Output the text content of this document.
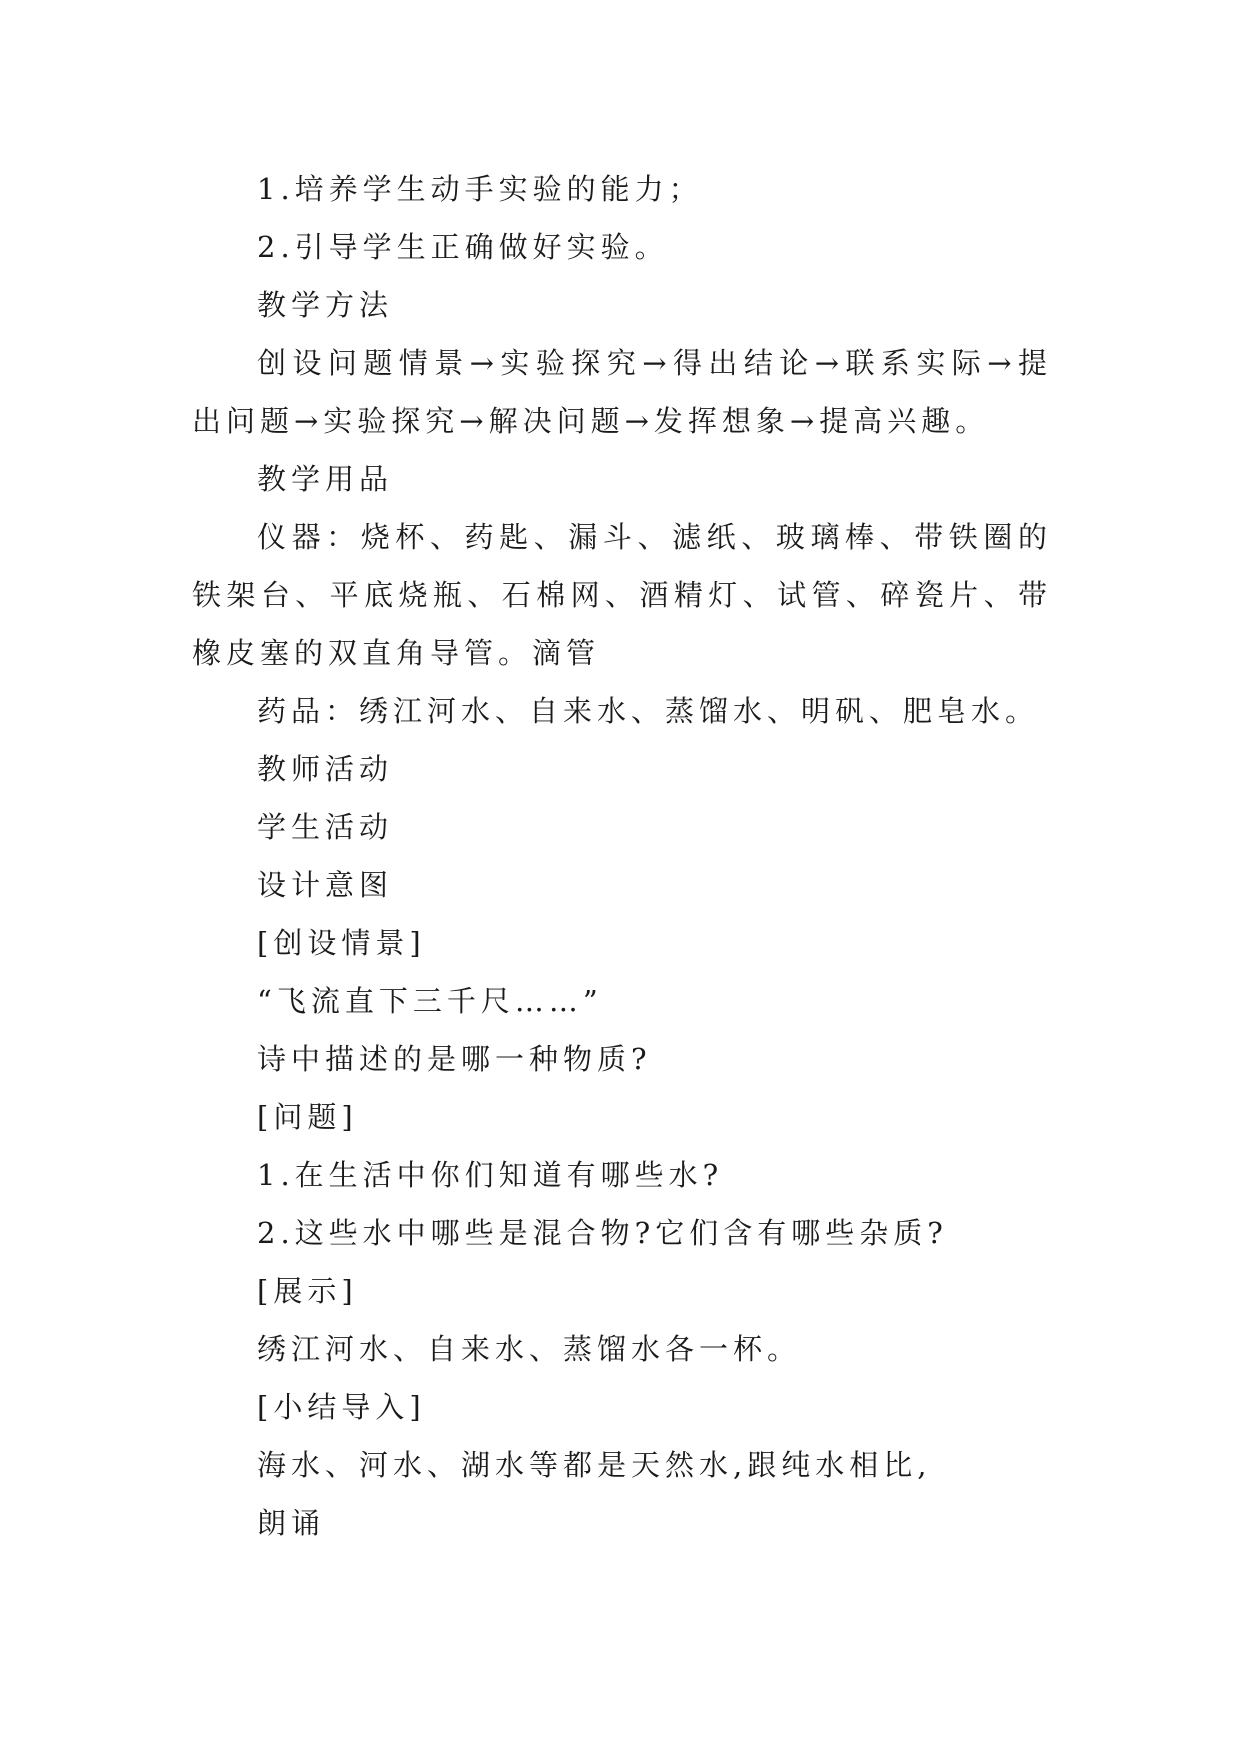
1.培养学生动手实验的能力；

2.引导学生正确做好实验。

教学方法

创设问题情景→实验探究→得出结论→联系实际→提出问题→实验探究→解决问题→发挥想象→提高兴趣。

教学用品

仪器：烧杯、药匙、漏斗、滤纸、玻璃棒、带铁圈的铁架台、平底烧瓶、石棉网、酒精灯、试管、碎瓷片、带橡皮塞的双直角导管。滴管

药品：绣江河水、自来水、蒸馏水、明矾、肥皂水。

教师活动

学生活动

设计意图

[创设情景]

“飞流直下三千尺……”

诗中描述的是哪一种物质?

[问题]

1.在生活中你们知道有哪些水?

2.这些水中哪些是混合物?它们含有哪些杂质?

[展示]

绣江河水、自来水、蒸馏水各一杯。

[小结导入]

海水、河水、湖水等都是天然水,跟纯水相比,

朗诵
